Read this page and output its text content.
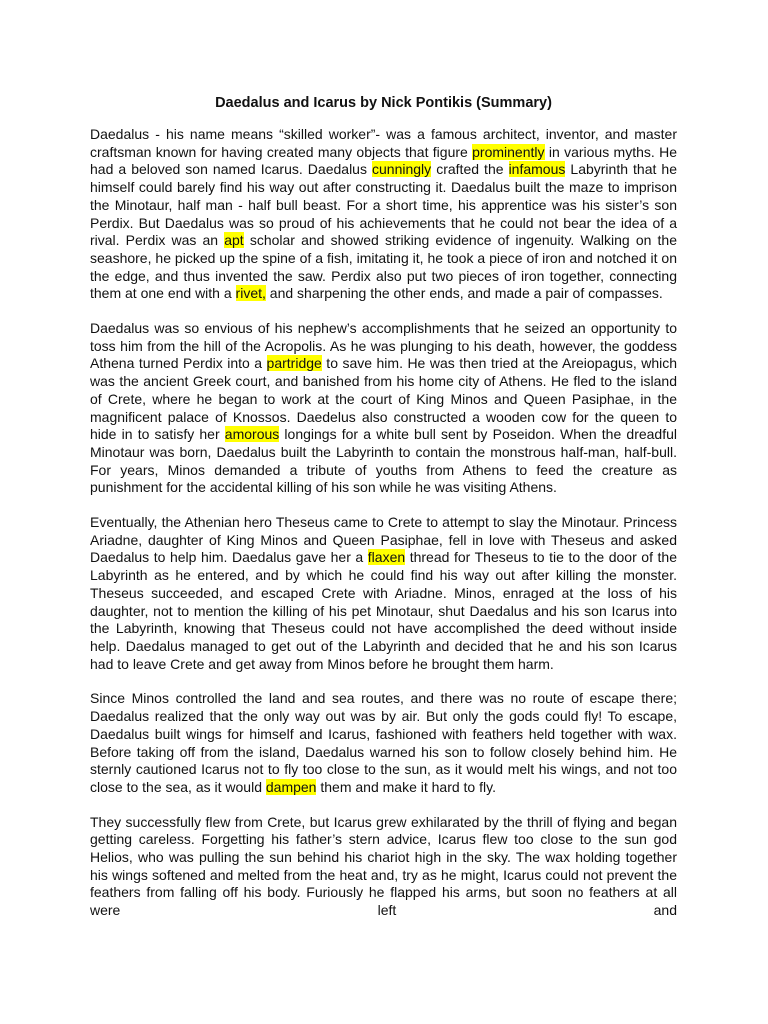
Daedalus and Icarus by Nick Pontikis (Summary)

Daedalus - his name means “skilled worker”- was a famous architect, inventor, and master craftsman known for having created many objects that figure prominently in various myths. He had a beloved son named Icarus. Daedalus cunningly crafted the infamous Labyrinth that he himself could barely find his way out after constructing it. Daedalus built the maze to imprison the Minotaur, half man - half bull beast. For a short time, his apprentice was his sister’s son Perdix. But Daedalus was so proud of his achievements that he could not bear the idea of a rival. Perdix was an apt scholar and showed striking evidence of ingenuity. Walking on the seashore, he picked up the spine of a fish, imitating it, he took a piece of iron and notched it on the edge, and thus invented the saw. Perdix also put two pieces of iron together, connecting them at one end with a rivet, and sharpening the other ends, and made a pair of compasses.

Daedalus was so envious of his nephew’s accomplishments that he seized an opportunity to toss him from the hill of the Acropolis. As he was plunging to his death, however, the goddess Athena turned Perdix into a partridge to save him. He was then tried at the Areiopagus, which was the ancient Greek court, and banished from his home city of Athens. He fled to the island of Crete, where he began to work at the court of King Minos and Queen Pasiphae, in the magnificent palace of Knossos. Daedelus also constructed a wooden cow for the queen to hide in to satisfy her amorous longings for a white bull sent by Poseidon. When the dreadful Minotaur was born, Daedalus built the Labyrinth to contain the monstrous half-man, half-bull. For years, Minos demanded a tribute of youths from Athens to feed the creature as punishment for the accidental killing of his son while he was visiting Athens.

Eventually, the Athenian hero Theseus came to Crete to attempt to slay the Minotaur. Princess Ariadne, daughter of King Minos and Queen Pasiphae, fell in love with Theseus and asked Daedalus to help him. Daedalus gave her a flaxen thread for Theseus to tie to the door of the Labyrinth as he entered, and by which he could find his way out after killing the monster. Theseus succeeded, and escaped Crete with Ariadne. Minos, enraged at the loss of his daughter, not to mention the killing of his pet Minotaur, shut Daedalus and his son Icarus into the Labyrinth, knowing that Theseus could not have accomplished the deed without inside help. Daedalus managed to get out of the Labyrinth and decided that he and his son Icarus had to leave Crete and get away from Minos before he brought them harm.

Since Minos controlled the land and sea routes, and there was no route of escape there; Daedalus realized that the only way out was by air. But only the gods could fly! To escape, Daedalus built wings for himself and Icarus, fashioned with feathers held together with wax. Before taking off from the island, Daedalus warned his son to follow closely behind him. He sternly cautioned Icarus not to fly too close to the sun, as it would melt his wings, and not too close to the sea, as it would dampen them and make it hard to fly.

They successfully flew from Crete, but Icarus grew exhilarated by the thrill of flying and began getting careless. Forgetting his father’s stern advice, Icarus flew too close to the sun god Helios, who was pulling the sun behind his chariot high in the sky. The wax holding together his wings softened and melted from the heat and, try as he might, Icarus could not prevent the feathers from falling off his body. Furiously he flapped his arms, but soon no feathers at all were left and
